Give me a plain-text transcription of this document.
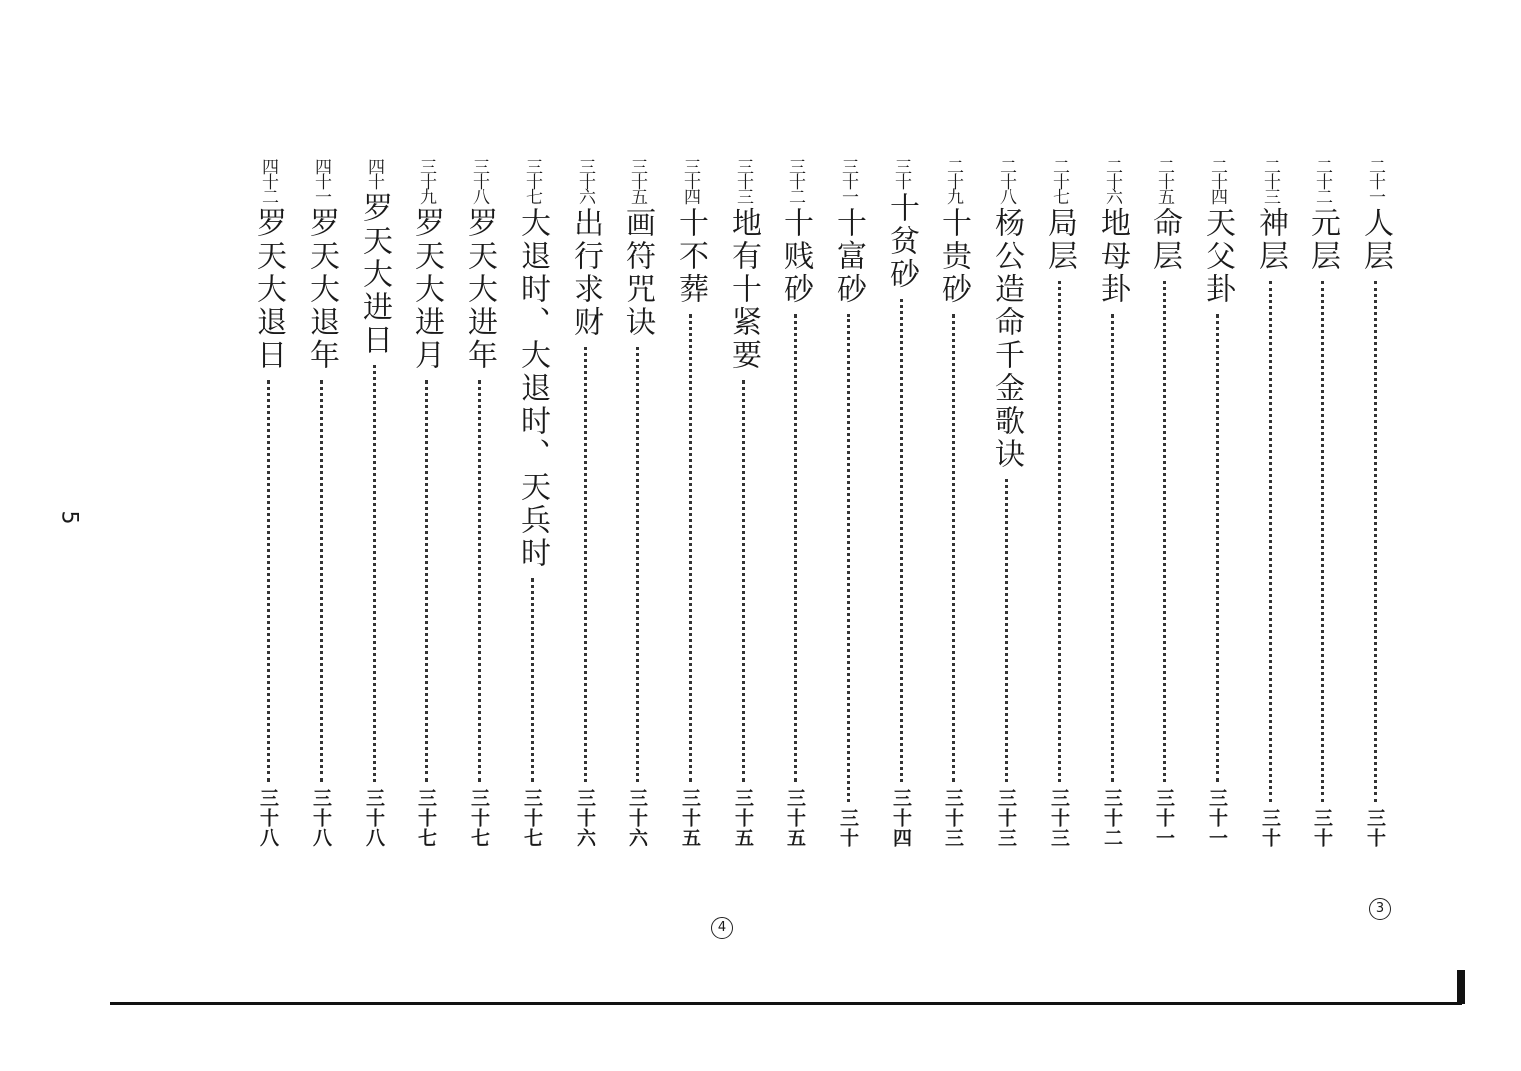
二十一
人层
三十
二十二
元层
三十
二十三
神层
三十
二十四
天父卦
三十一
二十五
命层
三十一
二十六
地母卦
三十二
二十七
局层
三十三
二十八
杨公造命千金歌诀
三十三
二十九
十贵砂
三十三
三十
十贫砂
三十四
三十一
十富砂
三十
三十二
十贱砂
三十五
三十三
地有十紧要
三十五
三十四
十不葬
三十五
三十五
画符咒诀
三十六
三十六
出行求财
三十六
三十七
大退时、大退时、天兵时
三十七
三十八
罗天大进年
三十七
三十九
罗天大进月
三十七
四十
罗天大进日
三十八
四十一
罗天大退年
三十八
四十二
罗天大退日
三十八
5
3
4
